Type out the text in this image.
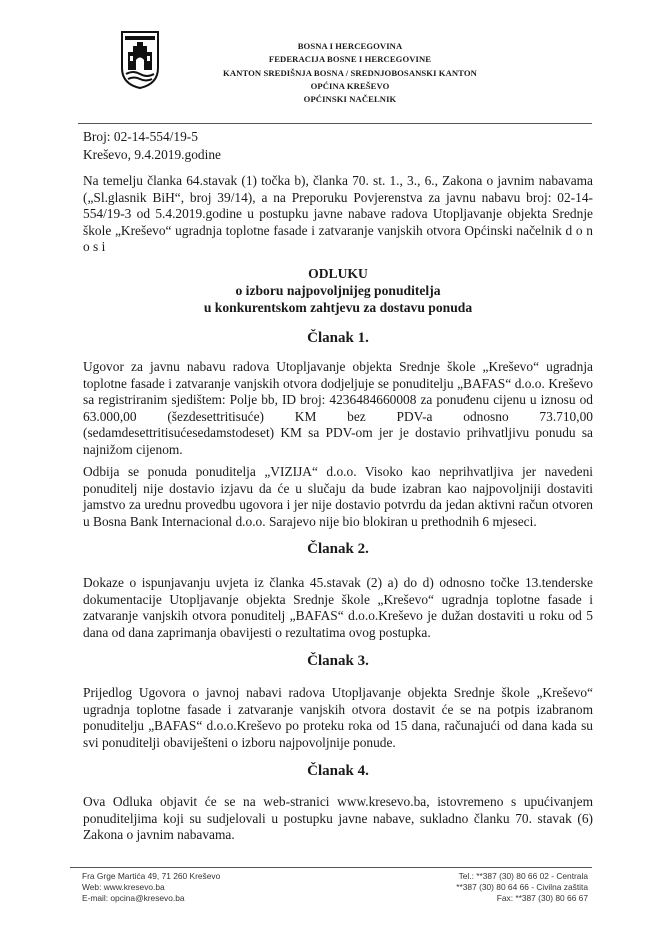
BOSNA I HERCEGOVINA
FEDERACIJA BOSNE I HERCEGOVINE
KANTON SREDIŠNJA BOSNA / SREDNJOBOSANSKI KANTON
OPĆINA KREŠEVO
OPĆINSKI NAČELNIK
Broj: 02-14-554/19-5
Kreševo, 9.4.2019.godine
Na temelju članka 64.stavak (1) točka b), članka 70. st. 1., 3., 6., Zakona o javnim nabavama („Sl.glasnik BiH“, broj 39/14), a na Preporuku Povjerenstva za javnu nabavu broj: 02-14-554/19-3 od 5.4.2019.godine u postupku javne nabave radova Utopljavanje objekta Srednje škole „Kreševo“ ugradnja toplotne fasade i zatvaranje vanjskih otvora Općinski načelnik d o n o s i
ODLUKU
o izboru najpovoljnijeg ponuditelja
u konkurentskom zahtjevu za dostavu ponuda
Članak 1.
Ugovor za javnu nabavu radova Utopljavanje objekta Srednje škole „Kreševo“ ugradnja toplotne fasade i zatvaranje vanjskih otvora dodjeljuje se ponuditelju „BAFAS“ d.o.o. Kreševo sa registriranim sjedištem: Polje bb, ID broj: 4236484660008 za ponuđenu cijenu u iznosu od 63.000,00 (šezdesettritisuće) KM bez PDV-a odnosno 73.710,00 (sedamdesettritisućesedamstodeset) KM sa PDV-om jer je dostavio prihvatljivu ponudu sa najnižom cijenom.
Odbija se ponuda ponuditelja „VIZIJA“ d.o.o. Visoko kao neprihvatljiva jer navedeni ponuditelj nije dostavio izjavu da će u slučaju da bude izabran kao najpovoljniji dostaviti jamstvo za urednu provedbu ugovora i jer nije dostavio potvrdu da jedan aktivni račun otvoren u Bosna Bank Internacional d.o.o. Sarajevo nije bio blokiran u prethodnih 6 mjeseci.
Članak 2.
Dokaze o ispunjavanju uvjeta iz članka 45.stavak (2) a) do d) odnosno točke 13.tenderske dokumentacije Utopljavanje objekta Srednje škole „Kreševo“ ugradnja toplotne fasade i zatvaranje vanjskih otvora ponuditelj „BAFAS“ d.o.o.Kreševo je dužan dostaviti u roku od 5 dana od dana zaprimanja obavijesti o rezultatima ovog postupka.
Članak 3.
Prijedlog Ugovora o javnoj nabavi radova Utopljavanje objekta Srednje škole „Kreševo“ ugradnja toplotne fasade i zatvaranje vanjskih otvora dostavit će se na potpis izabranom ponuditelju „BAFAS“ d.o.o.Kreševo po proteku roka od 15 dana, računajući od dana kada su svi ponuditelji obaviješteni o izboru najpovoljnije ponude.
Članak 4.
Ova Odluka objavit će se na web-stranici www.kresevo.ba, istovremeno s upućivanjem ponuditeljima koji su sudjelovali u postupku javne nabave, sukladno članku 70. stavak (6) Zakona o javnim nabavama.
Fra Grge Martića 49, 71 260 Kreševo
Web: www.kresevo.ba
E-mail: opcina@kresevo.ba
Tel.: **387 (30) 80 66 02 - Centrala
**387 (30) 80 64 66 - Civilna zaštita
Fax: **387 (30) 80 66 67
